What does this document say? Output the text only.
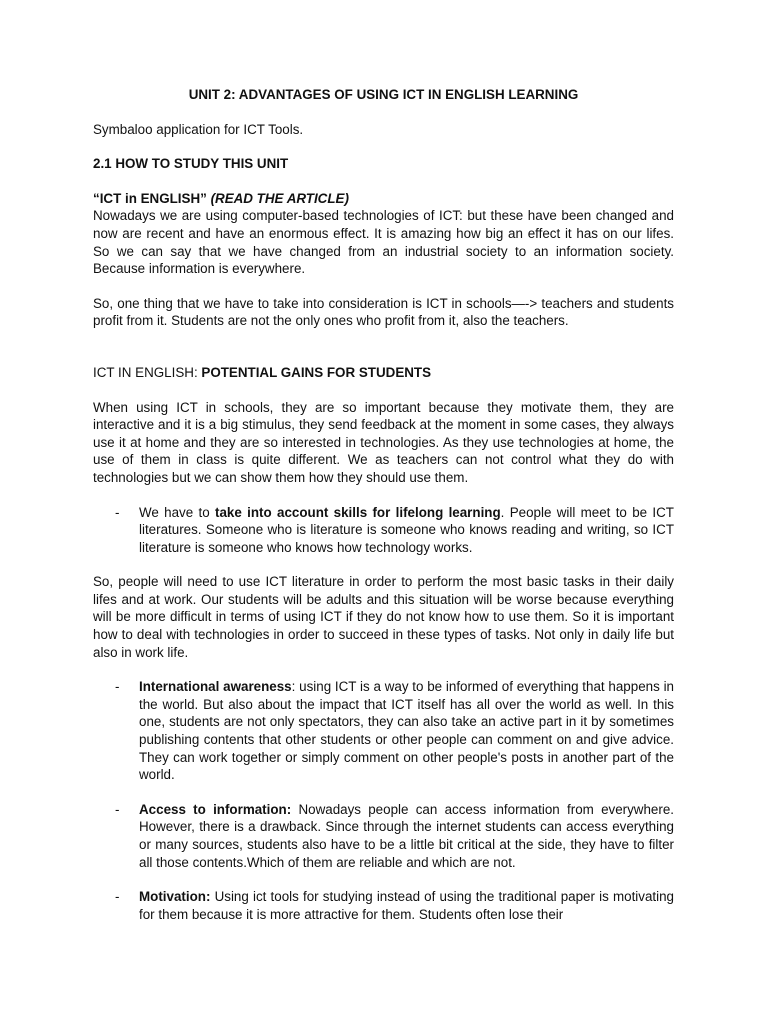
UNIT 2: ADVANTAGES OF USING ICT IN ENGLISH LEARNING

Symbaloo application for ICT Tools.

2.1 HOW TO STUDY THIS UNIT

“ICT in ENGLISH” (READ THE ARTICLE)

Nowadays we are using computer-based technologies of ICT: but these have been changed and now are recent and have an enormous effect. It is amazing how big an effect it has on our lifes. So we can say that we have changed from an industrial society to an information society. Because information is everywhere.

So, one thing that we have to take into consideration is ICT in schools—-> teachers and students profit from it. Students are not the only ones who profit from it, also the teachers.

ICT IN ENGLISH: POTENTIAL GAINS FOR STUDENTS

When using ICT in schools, they are so important because they motivate them, they are interactive and it is a big stimulus, they send feedback at the moment in some cases, they always use it at home and they are so interested in technologies. As they use technologies at home, the use of them in class is quite different. We as teachers can not control what they do with technologies but we can show them how they should use them.

- We have to take into account skills for lifelong learning. People will meet to be ICT literatures. Someone who is literature is someone who knows reading and writing, so ICT literature is someone who knows how technology works.

So, people will need to use ICT literature in order to perform the most basic tasks in their daily lifes and at work. Our students will be adults and this situation will be worse because everything will be more difficult in terms of using ICT if they do not know how to use them. So it is important how to deal with technologies in order to succeed in these types of tasks. Not only in daily life but also in work life.

- International awareness: using ICT is a way to be informed of everything that happens in the world. But also about the impact that ICT itself has all over the world as well. In this one, students are not only spectators, they can also take an active part in it by sometimes publishing contents that other students or other people can comment on and give advice. They can work together or simply comment on other people's posts in another part of the world.
- Access to information: Nowadays people can access information from everywhere. However, there is a drawback. Since through the internet students can access everything or many sources, students also have to be a little bit critical at the side, they have to filter all those contents.Which of them are reliable and which are not.
- Motivation: Using ict tools for studying instead of using the traditional paper is motivating for them because it is more attractive for them. Students often lose their
